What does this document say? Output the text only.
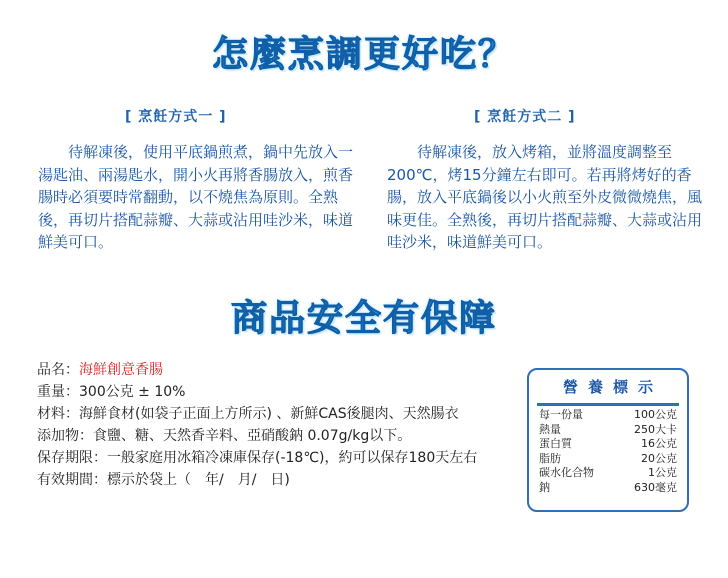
怎麼烹調更好吃？
[ 烹飪方式一 ]
待解凍後，使用平底鍋煎煮，鍋中先放入一湯匙油、兩湯匙水，開小火再將香腸放入，煎香腸時必須要時常翻動，以不燒焦為原則。全熟後，再切片搭配蒜瓣、大蒜或沾用哇沙米，味道鮮美可口。
[ 烹飪方式二 ]
待解凍後，放入烤箱，並將溫度調整至200℃，烤15分鐘左右即可。若再將烤好的香腸，放入平底鍋後以小火煎至外皮微微燒焦，風味更佳。全熟後，再切片搭配蒜瓣、大蒜或沾用哇沙米，味道鮮美可口。
商品安全有保障
品名：海鮮創意香腸
重量：300公克 ± 10%
材料：海鮮食材(如袋子正面上方所示) 、新鮮CAS後腿肉、天然腸衣
添加物：食鹽、糖、天然香辛料、亞硝酸鈉 0.07g/kg以下。
保存期限：一般家庭用冰箱冷凍庫保存(-18℃)，約可以保存180天左右
有效期間：標示於袋上（　年/　月/　日)
營養標示
每一份量	100公克
熱量	250大卡
蛋白質	16公克
脂肪	20公克
碳水化合物	1公克
鈉	630毫克
